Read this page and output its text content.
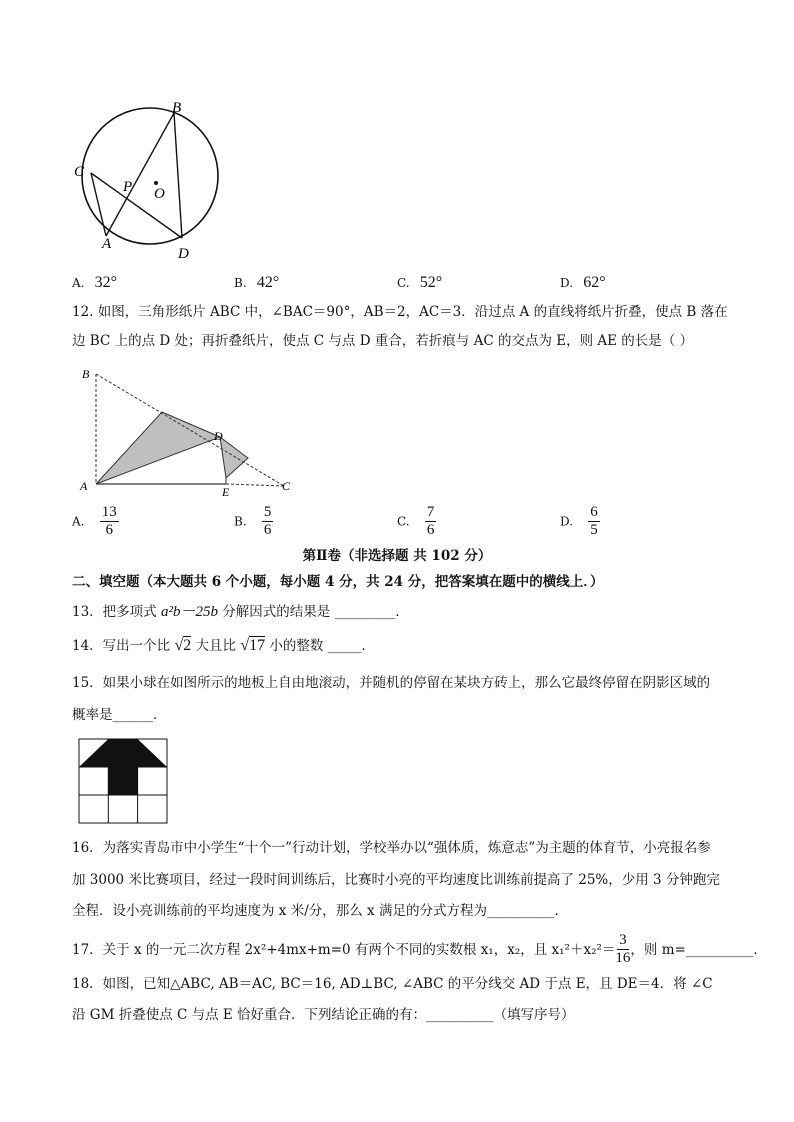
B
C
P O
A
D
A. 32°	B. 42°	C. 52°	D. 62°
12. 如图，三角形纸片 ABC 中，∠BAC＝90°，AB＝2，AC＝3．沿过点 A 的直线将纸片折叠，使点 B 落在
边 BC 上的点 D 处；再折叠纸片，使点 C 与点 D 重合，若折痕与 AC 的交点为 E，则 AE 的长是（ ）
B
D
A	E	C
A. $\frac{13}{6}$	B. $\frac{5}{6}$	C. $\frac{7}{6}$	D. $\frac{6}{5}$
第Ⅱ卷（非选择题 共 102 分）
二、填空题（本大题共 6 个小题，每小题 4 分，共 24 分，把答案填在题中的横线上．）
13．把多项式 a²b－25b 分解因式的结果是 _________．
14．写出一个比 √2 大且比 √17 小的整数 _____．
15．如果小球在如图所示的地板上自由地滚动，并随机的停留在某块方砖上，那么它最终停留在阴影区域的
概率是______．
16．为落实青岛市中小学生“十个一”行动计划，学校举办以“强体质，炼意志”为主题的体育节，小亮报名参
加 3000 米比赛项目，经过一段时间训练后，比赛时小亮的平均速度比训练前提高了 25%，少用 3 分钟跑完
全程．设小亮训练前的平均速度为 x 米/分，那么 x 满足的分式方程为__________．
17．关于 x 的一元二次方程 2x²+4mx+m=0 有两个不同的实数根 x₁，x₂，且 $x_1^2+x_2^2= \frac{3}{16}$ ，则 m=__________．
18．如图，已知△ABC, AB＝AC, BC＝16, AD⊥BC, ∠ABC 的平分线交 AD 于点 E，且 DE＝4．将 ∠C
沿 GM 折叠使点 C 与点 E 恰好重合．下列结论正确的有：__________（填写序号）
